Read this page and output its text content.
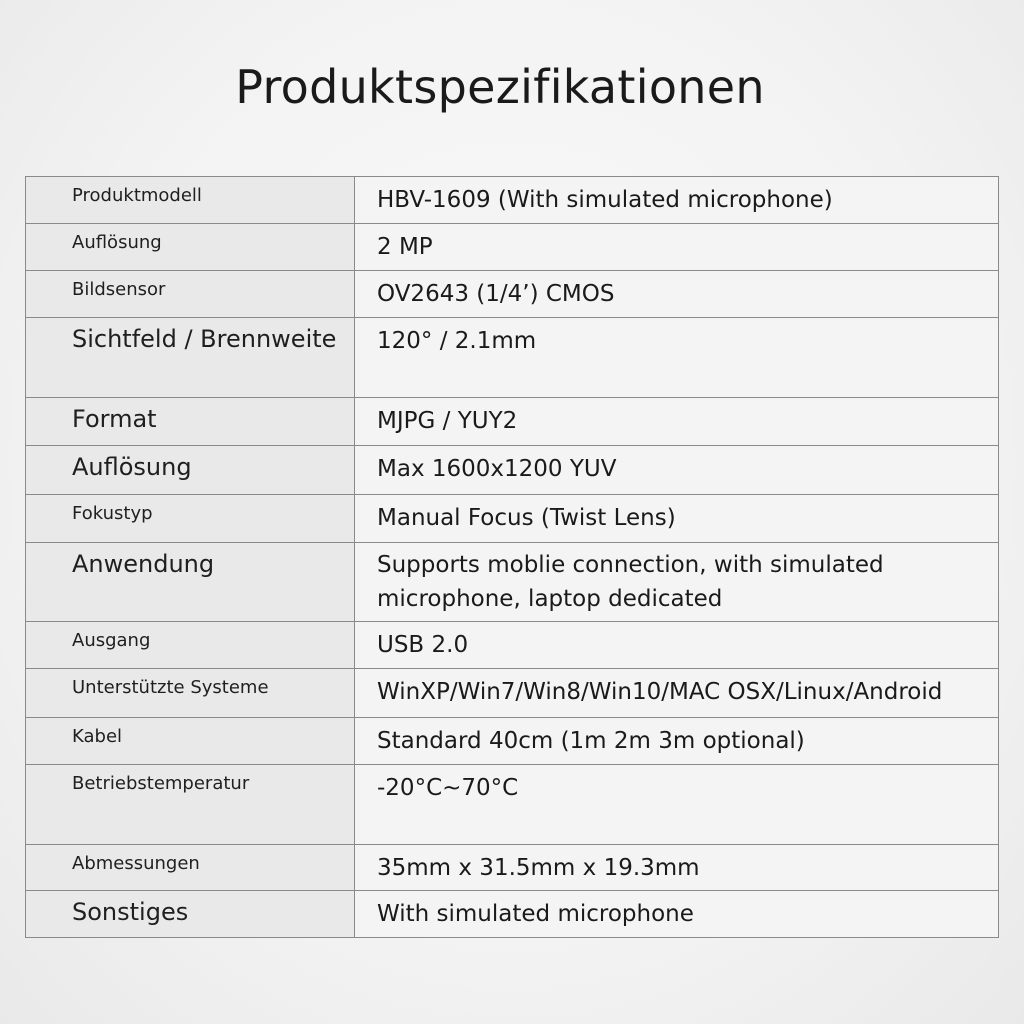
Produktspezifikationen
Produktmodell	HBV-1609 (With simulated microphone)

Auflösung	2 MP

Bildsensor	OV2643 (1/4’) CMOS

Sichtfeld / Brennweite	120° / 2.1mm

Format	MJPG / YUY2

Auflösung	Max 1600x1200 YUV

Fokustyp	Manual Focus (Twist Lens)

Anwendung	Supports moblie connection, with simulated microphone, laptop dedicated

Ausgang	USB 2.0

Unterstützte Systeme	WinXP/Win7/Win8/Win10/MAC OSX/Linux/Android

Kabel	Standard 40cm (1m 2m 3m optional)

Betriebstemperatur	-20°C~70°C

Abmessungen	35mm x 31.5mm x 19.3mm

Sonstiges	With simulated microphone
